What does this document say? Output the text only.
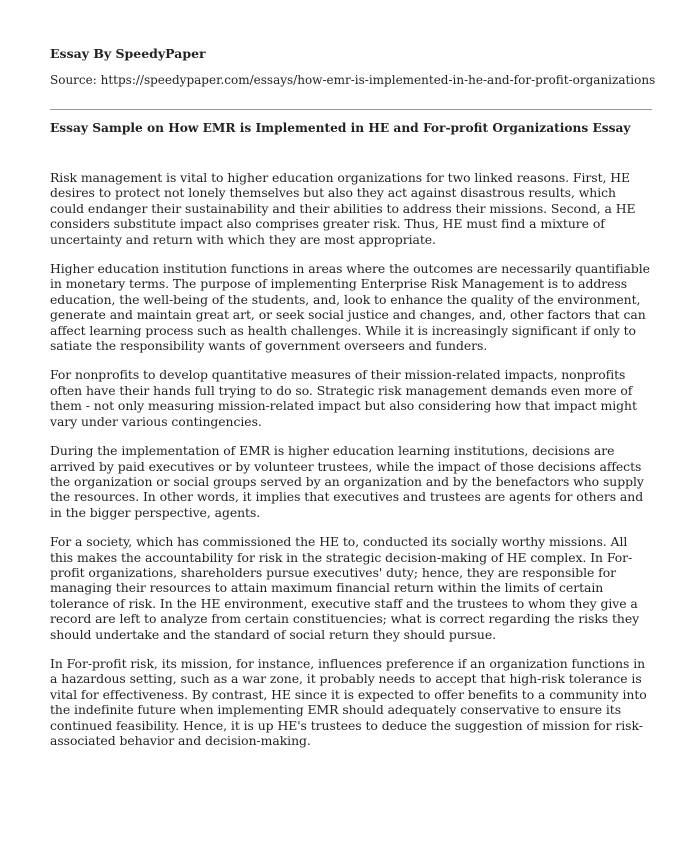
Essay By SpeedyPaper
Source: https://speedypaper.com/essays/how-emr-is-implemented-in-he-and-for-profit-organizations
Essay Sample on How EMR is Implemented in HE and For-profit Organizations Essay

Risk management is vital to higher education organizations for two linked reasons. First, HE desires to protect not lonely themselves but also they act against disastrous results, which could endanger their sustainability and their abilities to address their missions. Second, a HE considers substitute impact also comprises greater risk. Thus, HE must find a mixture of uncertainty and return with which they are most appropriate.

Higher education institution functions in areas where the outcomes are necessarily quantifiable in monetary terms. The purpose of implementing Enterprise Risk Management is to address education, the well-being of the students, and, look to enhance the quality of the environment, generate and maintain great art, or seek social justice and changes, and, other factors that can affect learning process such as health challenges. While it is increasingly significant if only to satiate the responsibility wants of government overseers and funders.

For nonprofits to develop quantitative measures of their mission-related impacts, nonprofits often have their hands full trying to do so. Strategic risk management demands even more of them - not only measuring mission-related impact but also considering how that impact might vary under various contingencies.

During the implementation of EMR is higher education learning institutions, decisions are arrived by paid executives or by volunteer trustees, while the impact of those decisions affects the organization or social groups served by an organization and by the benefactors who supply the resources. In other words, it implies that executives and trustees are agents for others and in the bigger perspective, agents.

For a society, which has commissioned the HE to, conducted its socially worthy missions. All this makes the accountability for risk in the strategic decision-making of HE complex. In For-profit organizations, shareholders pursue executives' duty; hence, they are responsible for managing their resources to attain maximum financial return within the limits of certain tolerance of risk. In the HE environment, executive staff and the trustees to whom they give a record are left to analyze from certain constituencies; what is correct regarding the risks they should undertake and the standard of social return they should pursue.

In For-profit risk, its mission, for instance, influences preference if an organization functions in a hazardous setting, such as a war zone, it probably needs to accept that high-risk tolerance is vital for effectiveness. By contrast, HE since it is expected to offer benefits to a community into the indefinite future when implementing EMR should adequately conservative to ensure its continued feasibility. Hence, it is up HE's trustees to deduce the suggestion of mission for risk- associated behavior and decision-making.
